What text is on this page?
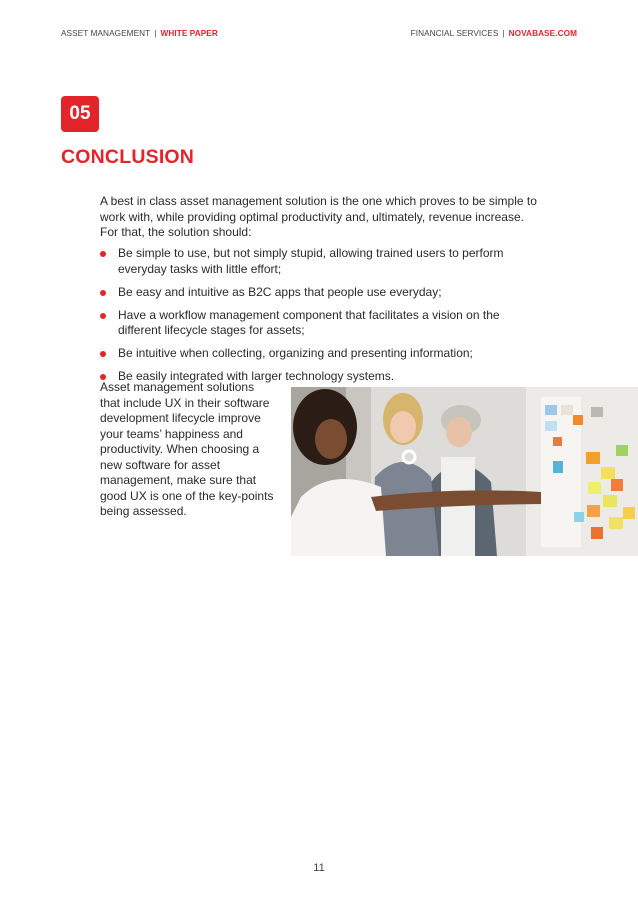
ASSET MANAGEMENT | WHITE PAPER	FINANCIAL SERVICES | NOVABASE.COM
05
CONCLUSION

A best in class asset management solution is the one which proves to be simple to work with, while providing optimal productivity and, ultimately, revenue increase. For that, the solution should:

Be simple to use, but not simply stupid, allowing trained users to perform everyday tasks with little effort;
Be easy and intuitive as B2C apps that people use everyday;
Have a workflow management component that facilitates a vision on the different lifecycle stages for assets;
Be intuitive when collecting, organizing and presenting information;
Be easily integrated with larger technology systems.

Asset management solutions that include UX in their software development lifecycle improve your teams’ happiness and productivity. When choosing a new software for asset management, make sure that good UX is one of the key-points being assessed.

11
